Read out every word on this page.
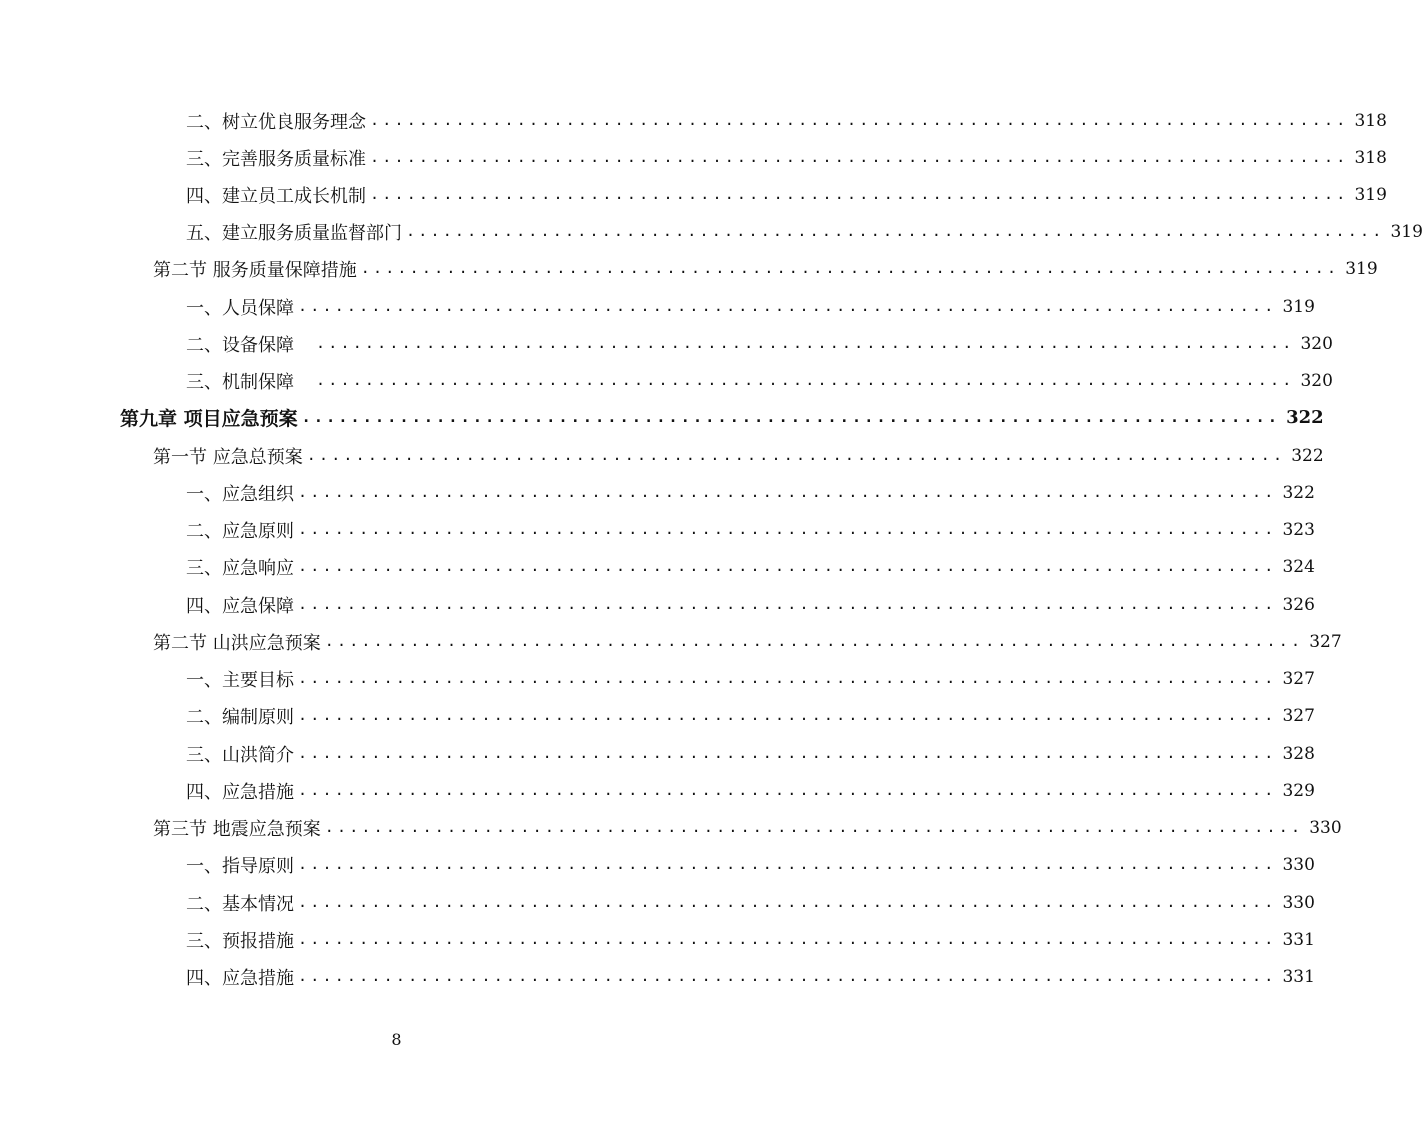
二、树立优良服务理念 ................................................................................ 318
三、完善服务质量标准 ................................................................................ 318
四、建立员工成长机制 ................................................................................ 319
五、建立服务质量监督部门 ................................................................................ 319
第二节 服务质量保障措施 ................................................................................ 319
一、人员保障 ................................................................................ 319
二、设备保障 ................................................................................ 320
三、机制保障 ................................................................................ 320
第九章 项目应急预案 ................................................................................ 322
第一节 应急总预案 ................................................................................ 322
一、应急组织 ................................................................................ 322
二、应急原则 ................................................................................ 323
三、应急响应 ................................................................................ 324
四、应急保障 ................................................................................ 326
第二节 山洪应急预案 ................................................................................ 327
一、主要目标 ................................................................................ 327
二、编制原则 ................................................................................ 327
三、山洪简介 ................................................................................ 328
四、应急措施 ................................................................................ 329
第三节 地震应急预案 ................................................................................ 330
一、指导原则 ................................................................................ 330
二、基本情况 ................................................................................ 330
三、预报措施 ................................................................................ 331
四、应急措施 ................................................................................ 331
8
